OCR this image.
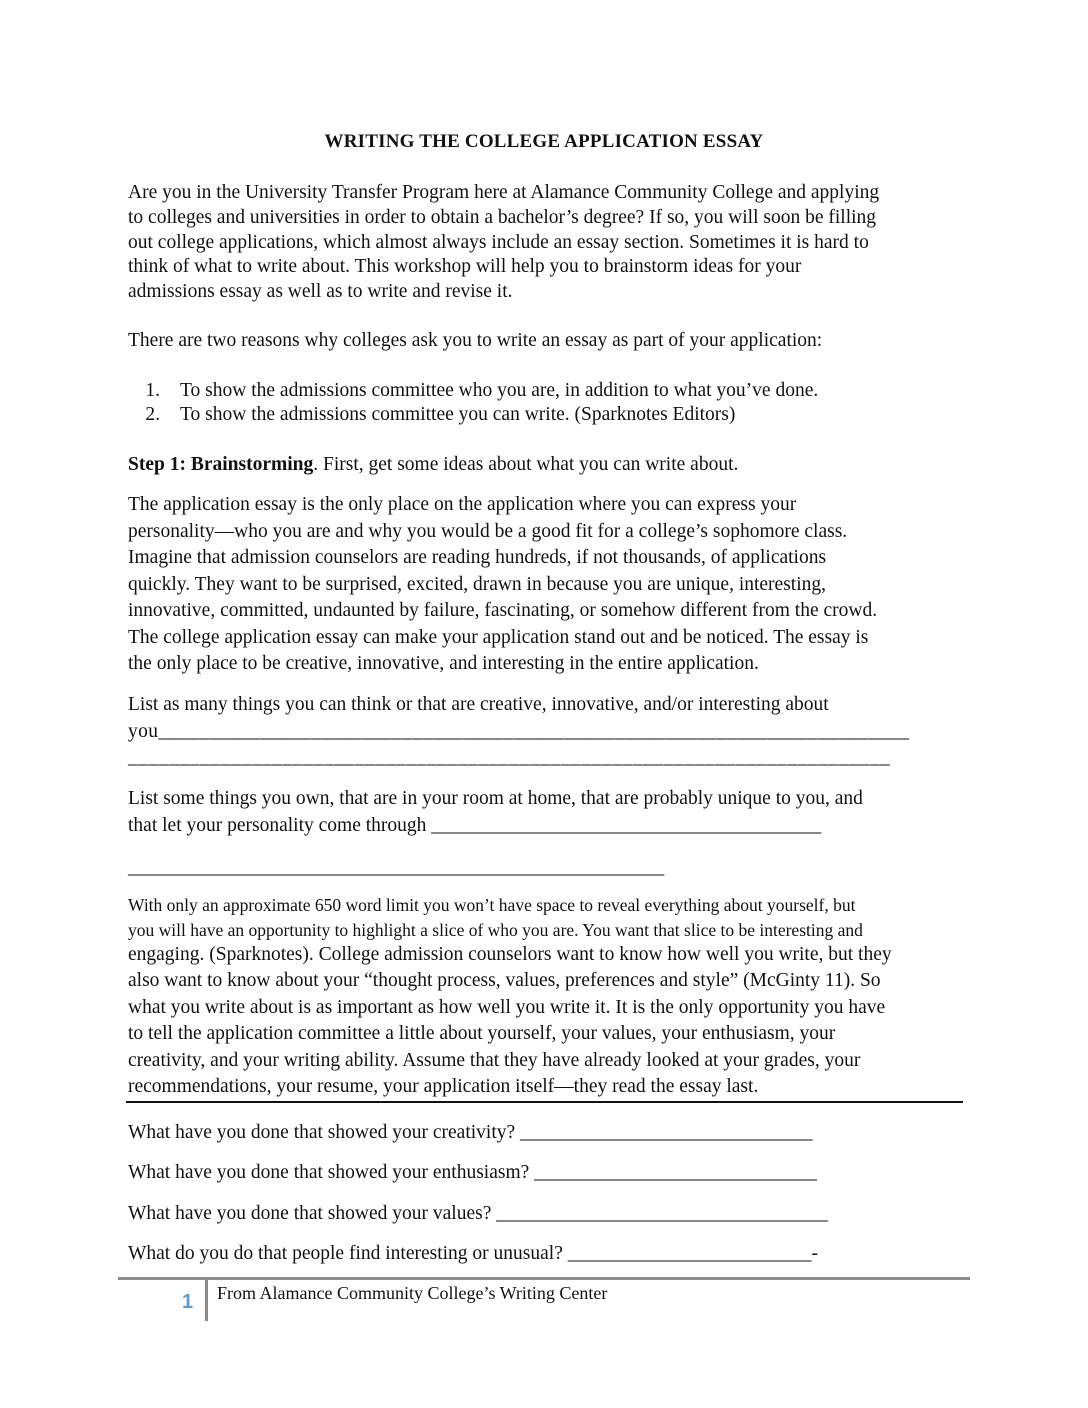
WRITING THE COLLEGE APPLICATION ESSAY

Are you in the University Transfer Program here at Alamance Community College and applying

to colleges and universities in order to obtain a bachelor’s degree? If so, you will soon be filling

out college applications, which almost always include an essay section. Sometimes it is hard to

think of what to write about. This workshop will help you to brainstorm ideas for your

admissions essay as well as to write and revise it.

There are two reasons why colleges ask you to write an essay as part of your application:

1. To show the admissions committee who you are, in addition to what you’ve done.

2. To show the admissions committee you can write. (Sparknotes Editors)

Step 1: Brainstorming. First, get some ideas about what you can write about.

The application essay is the only place on the application where you can express your

personality—who you are and why you would be a good fit for a college’s sophomore class.

Imagine that admission counselors are reading hundreds, if not thousands, of applications

quickly. They want to be surprised, excited, drawn in because you are unique, interesting,

innovative, committed, undaunted by failure, fascinating, or somehow different from the crowd.

The college application essay can make your application stand out and be noticed. The essay is

the only place to be creative, innovative, and interesting in the entire application.

List as many things you can think or that are creative, innovative, and/or interesting about

you__________________________________________________________________________

__________________________________________________________________________

List some things you own, that are in your room at home, that are probably unique to you, and

that let your personality come through ________________________________________

_______________________________________________________

With only an approximate 650 word limit you won’t have space to reveal everything about yourself, but

you will have an opportunity to highlight a slice of who you are. You want that slice to be interesting and

engaging. (Sparknotes). College admission counselors want to know how well you write, but they

also want to know about your “thought process, values, preferences and style” (McGinty 11). So

what you write about is as important as how well you write it. It is the only opportunity you have

to tell the application committee a little about yourself, your values, your enthusiasm, your

creativity, and your writing ability. Assume that they have already looked at your grades, your

recommendations, your resume, your application itself—they read the essay last.

What have you done that showed your creativity? ______________________________

What have you done that showed your enthusiasm? _____________________________

What have you done that showed your values? __________________________________

What do you do that people find interesting or unusual? _________________________-

1 From Alamance Community College’s Writing Center
